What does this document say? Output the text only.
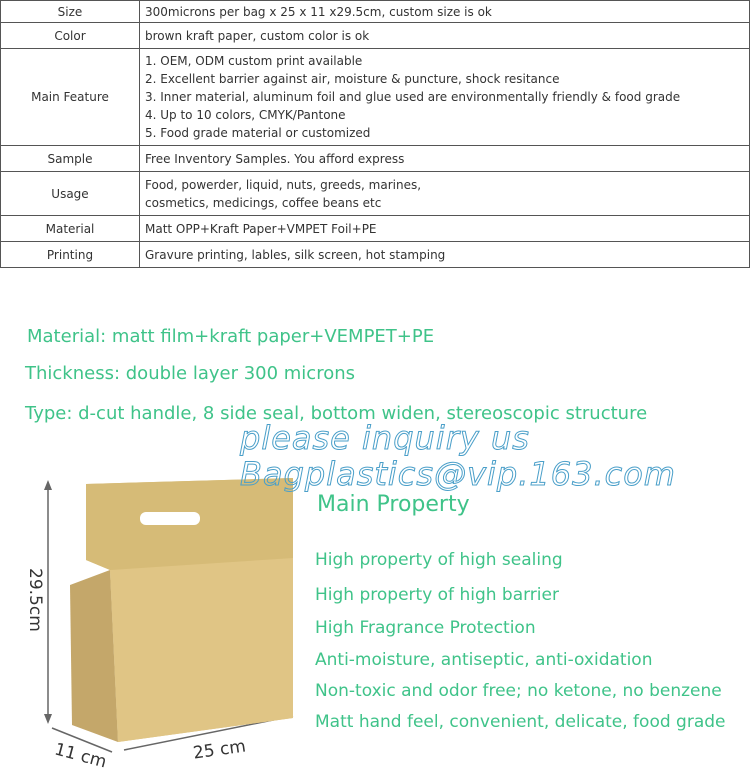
Size	300microns per bag x 25 x 11 x29.5cm, custom size is ok

Color	brown kraft paper, custom color is ok

Main Feature	1. OEM, ODM custom print available
2. Excellent barrier against air, moisture & puncture, shock resitance
3. Inner material, aluminum foil and glue used are environmentally friendly & food grade
4. Up to 10 colors, CMYK/Pantone
5. Food grade material or customized

Sample	Free Inventory Samples. You afford express

Usage	Food, powerder, liquid, nuts, greeds, marines,
cosmetics, medicings, coffee beans etc

Material	Matt OPP+Kraft Paper+VMPET Foil+PE

Printing	Gravure printing, lables, silk screen, hot stamping
Material: matt film+kraft paper+VEMPET+PE
Thickness: double layer 300 microns
Type: d-cut handle, 8 side seal, bottom widen, stereoscopic structure
29.5cm
25 cm
11 cm
Main Property
High property of high sealing
High property of high barrier
High Fragrance Protection
Anti-moisture, antiseptic, anti-oxidation
Non-toxic and odor free; no ketone, no benzene
Matt hand feel, convenient, delicate, food grade
please inquiry us
Bagplastics@vip.163.com
